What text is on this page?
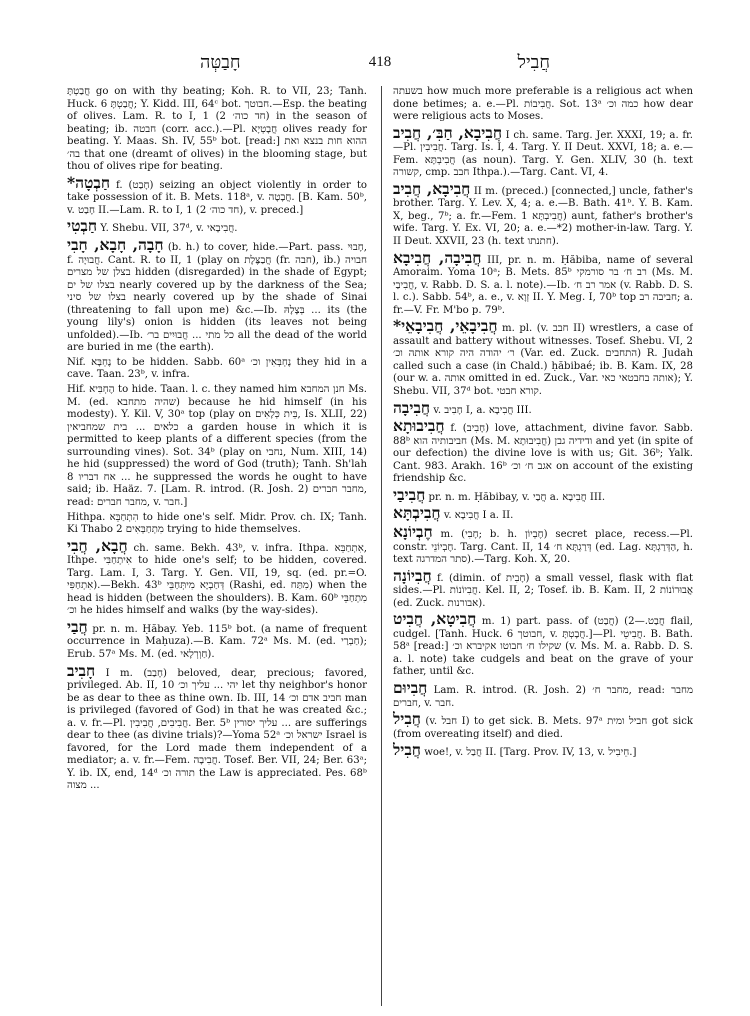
חָבַטְּה	418	חֲבִיל

חֲבַטְתָּ go on with thy beating; Koh. R. to VII, 23; Tanh. Huck. 6 חֲבַטְתָּ; Y. Kidd. III, 64ᶜ bot. חבוטך.—Esp. the beating of olives. Lam. R. to I, 1 (2 חד כוה׳) in the season of beating; ib. חבטה (corr. acc.).—Pl. חֲבָטְיָא olives ready for beating. Y. Maas. Sh. IV, 55ᵇ bot. [read:] ההוא חות בנצא ואת בה׳ that one (dreamt of olives) in the blooming stage, but thou of olives ripe for beating.

*חַבְטָה f. (חָבַט) seizing an object violently in order to take possession of it. B. Mets. 118ᵃ, v. חֲבָטָה. [B. Kam. 50ᵇ, v. חָבַט II.—Lam. R. to I, 1 (2 חד כוה׳), v. preced.]

חַבְטִי Y. Shebu. VII, 37ᵈ, v. חֲבִיבָאי.

חָבָה, חָבָא, חָבִי (b. h.) to cover, hide.—Part. pass. חָבוּי, f. חֲבוּיָה. Cant. R. to II, 1 (play on חֲבַצֶּלֶת (fr. חבה), ib.) חבויה בצלן של מצרים hidden (disregarded) in the shade of Egypt; בצלו של ים nearly covered up by the darkness of the Sea; בצלו של סיני nearly covered up by the shade of Sinai (threatening to fall upon me) &c.—Ib. בְּצָלָהּ ... its (the young lily's) onion is hidden (its leaves not being unfolded).—Ib. כל מתי ... חֲבוּיִים בר׳ all the dead of the world are buried in me (the earth).

Nif. נֶחְבָּא to be hidden. Sabb. 60ᵃ נֶחְבְּאִין וכ׳ they hid in a cave. Taan. 23ᵇ, v. infra.

Hif. הֶחְבִּיא to hide. Taan. l. c. they named him חנן המחבא Ms. M. (ed. שהיה מתחבא) because he hid himself (in his modesty). Y. Kil. V, 30ᵃ top (play on בֵּית כְּלָאִים, Is. XLII, 22) כלאים ... בית שמחביאין a garden house in which it is permitted to keep plants of a different species (from the surrounding vines). Sot. 34ᵇ (play on נחבי, Num. XIII, 14) he hid (suppressed) the word of God (truth); Tanh. Sh'lah 8 אח דבריו ... he suppressed the words he ought to have said; ib. Haäz. 7. [Lam. R. introd. (R. Josh. 2) מחבר חברים, read: מחבר חברים, v. חבר.]

Hithpa. הִתְחַבֵּא to hide one's self. Midr. Prov. ch. IX; Tanh. Ki Thabo 2 מִתְחַבְּאִים trying to hide themselves.

חֲבָא, חֲבִי ch. same. Bekh. 43ᵇ, v. infra. Ithpa. אִתְחַבֵּא, Ithpe. אִיתְחַבִּי to hide one's self; to be hidden, covered. Targ. Lam. I, 3. Targ. Y. Gen. VII, 19, sq. (ed. pr.=O. אִתְחַפִּי).—Bekh. 43ᵇ דְּחַבְיָא מִיתְּחַבֵּי (Rashi, ed. מִתַּח) when the head is hidden (between the shoulders). B. Kam. 60ᵇ מִתְחַבֵּי וכ׳ he hides himself and walks (by the way-sides).

חֲבַי pr. n. m. Ḥăbay. Yeb. 115ᵇ bot. (a name of frequent occurrence in Maḥuza).—B. Kam. 72ᵃ Ms. M. (ed. חַבְרַי); Erub. 57ᵃ Ms. M. (ed. חַוְרְלָאי).

חָבִיב I m. (חָבַב) beloved, dear, precious; favored, privileged. Ab. II, 10 יהי ... עליך וכ׳ let thy neighbor's honor be as dear to thee as thine own. Ib. III, 14 חביב אדם וכ׳ man is privileged (favored of God) in that he was created &c.; a. v. fr.—Pl. חֲבִיבִים, חֲבִיבִין. Ber. 5ᵇ עליך יסורין ... are sufferings dear to thee (as divine trials)?—Yoma 52ᵃ ישראל וכ׳ Israel is favored, for the Lord made them independent of a mediator; a. v. fr.—Fem. חֲבִיבָה. Tosef. Ber. VII, 24; Ber. 63ᵃ; Y. ib. IX, end, 14ᵈ תורה וכ׳ the Law is appreciated. Pes. 68ᵇ מצוה ...

בשעתה how much more preferable is a religious act when done betimes; a. e.—Pl. חֲבִיבוֹת. Sot. 13ᵃ כמה וכ׳ how dear were religious acts to Moses.

חֲבִיבָא, חַבִּ׳, חֲבִיב I ch. same. Targ. Jer. XXXI, 19; a. fr.—Pl. חֲבִיבִין. Targ. Is. I, 4. Targ. Y. II Deut. XXVI, 18; a. e.—Fem. חֲבִיבְתָּא (as noun). Targ. Y. Gen. XLIV, 30 (h. text קשורה, cmp. חבב Ithpa.).—Targ. Cant. VI, 4.

חֲבִיבָא, חֲבִיב II m. (preced.) [connected,] uncle, father's brother. Targ. Y. Lev. X, 4; a. e.—B. Bath. 41ᵇ. Y. B. Kam. X, beg., 7ᵇ; a. fr.—Fem. חֲבִיבְתָּא 1) aunt, father's brother's wife. Targ. Y. Ex. VI, 20; a. e.—*2) mother-in-law. Targ. Y. II Deut. XXVII, 23 (h. text חתנתו).

חֲבִיבָה, חֲבִיבָא III, pr. n. m. Ḥăbiba, name of several Amoraim. Yoma 10ᵃ; B. Mets. 85ᵇ רב ח׳ בר סורמקי (Ms. M. חֲבִיבַי, v. Rabb. D. S. a. l. note).—Ib. אמר רב ח׳ (v. Rabb. D. S. l. c.). Sabb. 54ᵇ, a. e., v. זְוָא II. Y. Meg. I, 70ᵇ top חביבה רב; a. fr.—V. Fr. M'bo p. 79ᵇ.

*חֲבִיבָאֵי, חֲבִיבָאֵי m. pl. (v. חבב II) wrestlers, a case of assault and battery without witnesses. Tosef. Shebu. VI, 2 ר׳ יהודה היה קורא אותה וכ׳ (Var. ed. Zuck. התחבים) R. Judah called such a case (in Chald.) ḥăbibaé; ib. B. Kam. IX, 28 (our w. a. אותה omitted in ed. Zuck., Var. אותה בחבטאי כאי); Y. Shebu. VII, 37ᵈ bot. קורא חבטי.

חֲבִיבָה v. חָבִיב I, a. חֲבִיבָא III.

חֲבִיבוּתָא f. (חָבִיב) love, attachment, divine favor. Sabb. 88ᵇ חביבותיה הוא (Ms. M. חֲבִיבוּתָא) ודידיה גבן and yet (in spite of our defection) the divine love is with us; Git. 36ᵇ; Yalk. Cant. 983. Arakh. 16ᵇ אגב ח׳ וכ׳ on account of the existing friendship &c.

חֲבִיבַי pr. n. m. Ḥăbibay, v. חֲבַי a. חֲבִיבָא III.

חֲבִיבְתָּא v. חֲבִיבָא I a. II.

חֶבְיוֹנָא m. (חָבִי; b. h. חֶבְיוֹן) secret place, recess.—Pl. constr. חֶבְיוֹנֵי. Targ. Cant. II, 14 דְּרַגְתָּא ח׳ (ed. Lag. הַדְּרַגְתָּא, h. text סתר המדרגה).—Targ. Koh. X, 20.

חֲבִיוֹנָה f. (dimin. of חָבִית) a small vessel, flask with flat sides.—Pl. חֲבִיוֹנוֹת. Kel. II, 2; Tosef. ib. B. Kam. II, 2 אֲבוּרוֹנוֹת (ed. Zuck. אבורנות).

חֲבִיטָא, חֲבִיט m. 1) part. pass. of חֲבַט.—2) (חֲבַט) flail, cudgel. [Tanh. Huck. 6 חבוטך, v. חֲבָטְתָּ.]—Pl. חֲבִיטֵי. B. Bath. 58ᵃ [read:] שקילו ח׳ חבוטו אקיברא וכ׳ (v. Ms. M. a. Rabb. D. S. a. l. note) take cudgels and beat on the grave of your father, until &c.

חֲבִיוּם Lam. R. introd. (R. Josh. 2) מחבר ח׳, read: מחבר חברים, v. חבר.

חֲבִיל (v. חבל I) to get sick. B. Mets. 97ᵃ חביל ומית got sick (from overeating itself) and died.

חֲבִיל woe!, v. חֲבַל II. [Targ. Prov. IV, 13, v. חֵיבִיל.]
